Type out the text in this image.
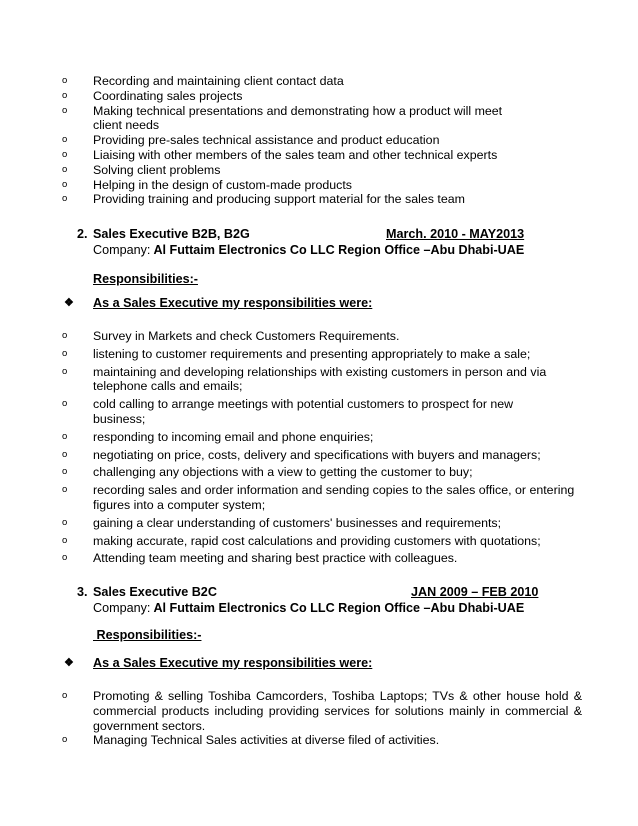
o Recording and maintaining client contact data
o Coordinating sales projects
o Making technical presentations and demonstrating how a product will meet client needs
o Providing pre-sales technical assistance and product education
o Liaising with other members of the sales team and other technical experts
o Solving client problems
o Helping in the design of custom-made products
o Providing training and producing support material for the sales team
2. Sales Executive B2B, B2G	March. 2010 - MAY2013
Company: Al Futtaim Electronics Co LLC Region Office –Abu Dhabi-UAE
Responsibilities:-
❖ As a Sales Executive my responsibilities were:
o Survey in Markets and check Customers Requirements.
o listening to customer requirements and presenting appropriately to make a sale;
o maintaining and developing relationships with existing customers in person and via telephone calls and emails;
o cold calling to arrange meetings with potential customers to prospect for new business;
o responding to incoming email and phone enquiries;
o negotiating on price, costs, delivery and specifications with buyers and managers;
o challenging any objections with a view to getting the customer to buy;
o recording sales and order information and sending copies to the sales office, or entering figures into a computer system;
o gaining a clear understanding of customers' businesses and requirements;
o making accurate, rapid cost calculations and providing customers with quotations;
o Attending team meeting and sharing best practice with colleagues.
3. Sales Executive B2C	JAN 2009 – FEB 2010
Company: Al Futtaim Electronics Co LLC Region Office –Abu Dhabi-UAE
Responsibilities:-
❖ As a Sales Executive my responsibilities were:
o Promoting & selling Toshiba Camcorders, Toshiba Laptops; TVs & other house hold & commercial products including providing services for solutions mainly in commercial & government sectors.
o Managing Technical Sales activities at diverse filed of activities.
